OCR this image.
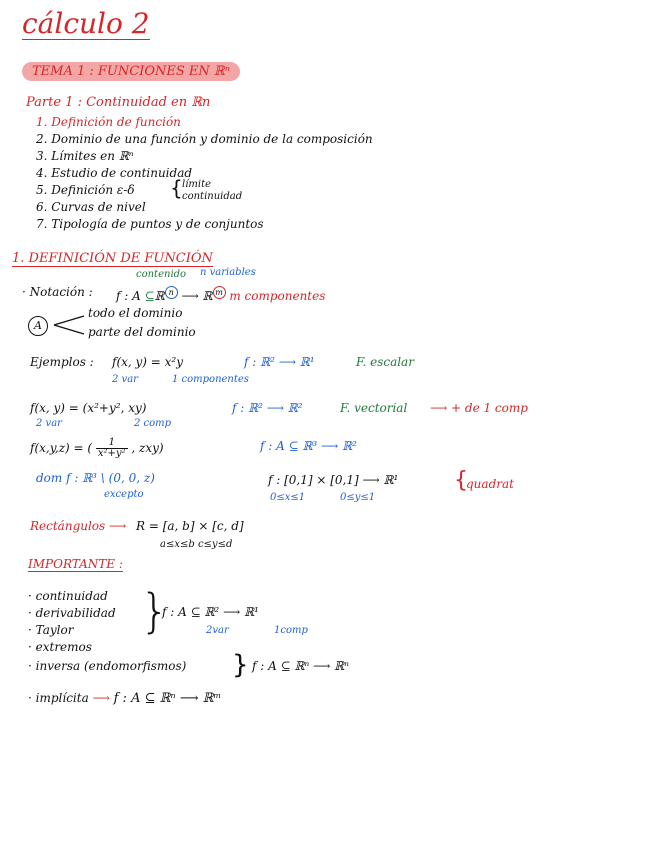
cálculo 2
TEMA 1 : FUNCIONES EN ℝⁿ
Parte 1 : Continuidad en ℝn
1. Definición de función
2. Dominio de una función y dominio de la composición
3. Límites en ℝⁿ
4. Estudio de continuidad
5. Definición ε-δ
6. Curvas de nivel
7. Tipología de puntos y de conjuntos
{ límite
continuidad
1. DEFINICIÓN DE FUNCIÓN
contenido n variables
· Notación : f : A ⊆ℝ $^n$ ⟶ ℝ $^m$ m componentes
A
todo el dominio
parte del dominio
Ejemplos : f(x, y) = x²y
2 var	1 componentes
f : ℝ² ⟶ ℝ¹	F. escalar
f(x, y) = (x²+y², xy)
2 var	2 comp
f : ℝ² ⟶ ℝ²	F. vectorial ⟶ + de 1 comp
f(x,y,z) = ( $\frac{1}{\text{x²+y²}}$ , zxy)	f : A ⊆ ℝ³ ⟶ ℝ²
dom f : ℝ³ \ (0, 0, z)
excepto
f : [0,1] × [0,1] ⟶ ℝ¹
0≤x≤1	0≤y≤1
{
quadrat
Rectángulos ⟶ R = [a, b] × [c, d]
a≤x≤b c≤y≤d
IMPORTANTE :
· continuidad
· derivabilidad
· Taylor
· extremos
· inversa (endomorfismos)
}
f : A ⊆ ℝ² ⟶ ℝ¹
2var	1comp
} f : A ⊆ ℝⁿ ⟶ ℝⁿ
· implícita ⟶ f : A ⊆ ℝⁿ ⟶ ℝᵐ
